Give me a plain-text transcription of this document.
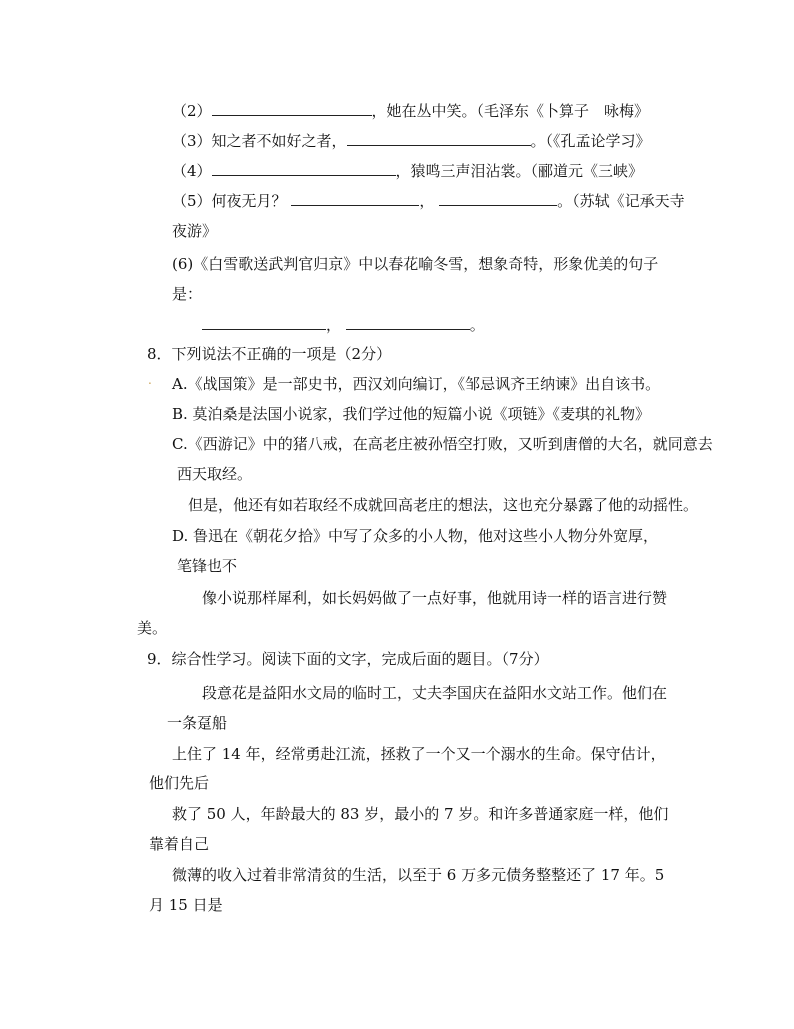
（2）	，她在丛中笑。（毛泽东《卜算子　咏梅》
（3）知之者不如好之者，	。（《孔孟论学习》
（4）	，猿鸣三声泪沾裳。（郦道元《三峡》
（5）何夜无月？	，	。（苏轼《记承天寺
夜游》
(6)《白雪歌送武判官归京》中以春花喻冬雪，想象奇特，形象优美的句子
是：
，	。
8．下列说法不正确的一项是（2分）
. A.《战国策》是一部史书，西汉刘向编订，《邹忌讽齐王纳谏》出自该书。
B. 莫泊桑是法国小说家，我们学过他的短篇小说《项链》《麦琪的礼物》
C.《西游记》中的猪八戒，在高老庄被孙悟空打败，又听到唐僧的大名，就同意去
西天取经。
但是，他还有如若取经不成就回高老庄的想法，这也充分暴露了他的动摇性。
D. 鲁迅在《朝花夕拾》中写了众多的小人物，他对这些小人物分外宽厚，
笔锋也不
像小说那样犀利，如长妈妈做了一点好事，他就用诗一样的语言进行赞
美。
9．综合性学习。阅读下面的文字，完成后面的题目。（7分）
段意花是益阳水文局的临时工，丈夫李国庆在益阳水文站工作。他们在
一条趸船
上住了 14 年，经常勇赴江流，拯救了一个又一个溺水的生命。保守估计，
他们先后
救了 50 人，年龄最大的 83 岁，最小的 7 岁。和许多普通家庭一样，他们
靠着自己
微薄的收入过着非常清贫的生活，以至于 6 万多元债务整整还了 17 年。5
月 15 日是
